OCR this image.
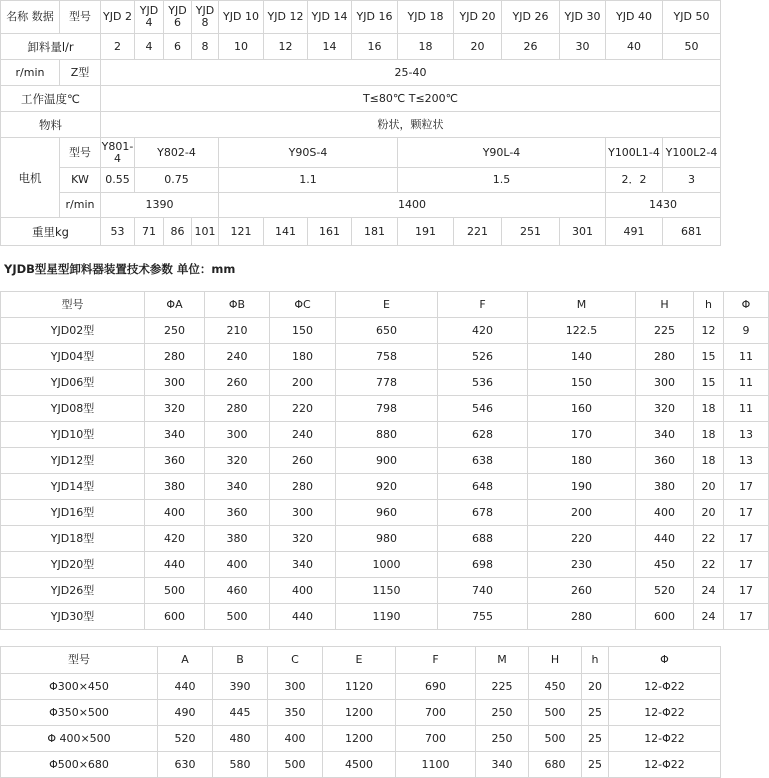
名称 数据	型号	YJD 2	YJD 4	YJD 6	YJD 8	YJD 10	YJD 12	YJD 14	YJD 16	YJD 18	YJD 20	YJD 26	YJD 30	YJD 40	YJD 50	
卸料量l/r		2	4	6	8	10	12	14	16	18	20	26	30	40	50	
r/min	Z型	25-40														
工作温度℃		T≤80℃ T≤200℃														
物料		粉状，颗粒状														
电机	型号	Y801-4	Y802-4			Y90S-4				Y90L-4				Y100L1-4	Y100L2-4		
	KW	0.55	0.75			1.1				1.5				2．2	3		
	r/min	1390				1400								1430		
重里kg		53	71	86	101	121	141	161	181	191	221	251	301	491	681	
YJDB型星型卸料器装置技术参数 单位：mm
型号	ΦA	ΦB	ΦC	E	F	M	H	h	Φ
YJD02型	250	210	150	650	420	122.5	225	12	9
YJD04型	280	240	180	758	526	140	280	15	11
YJD06型	300	260	200	778	536	150	300	15	11
YJD08型	320	280	220	798	546	160	320	18	11
YJD10型	340	300	240	880	628	170	340	18	13
YJD12型	360	320	260	900	638	180	360	18	13
YJD14型	380	340	280	920	648	190	380	20	17
YJD16型	400	360	300	960	678	200	400	20	17
YJD18型	420	380	320	980	688	220	440	22	17
YJD20型	440	400	340	1000	698	230	450	22	17
YJD26型	500	460	400	1150	740	260	520	24	17
YJD30型	600	500	440	1190	755	280	600	24	17
型号	A	B	C	E	F	M	H	h	Φ
Φ300×450	440	390	300	1120	690	225	450	20	12-Φ22
Φ350×500	490	445	350	1200	700	250	500	25	12-Φ22
Φ 400×500	520	480	400	1200	700	250	500	25	12-Φ22
Φ500×680	630	580	500	4500	1100	340	680	25	12-Φ22
